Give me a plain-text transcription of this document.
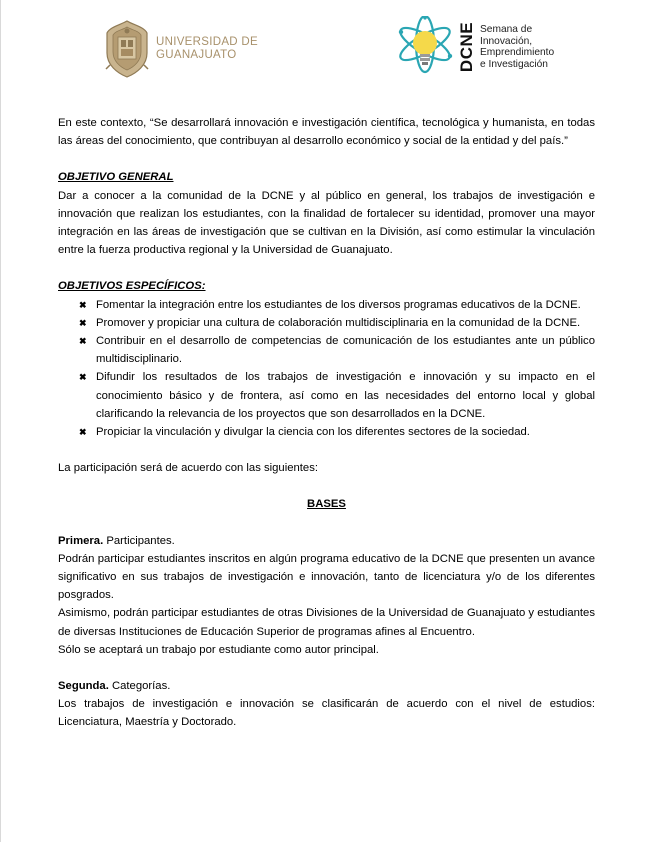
UNIVERSIDAD DE
GUANAJUATO	DCNE Semana de
Innovación,
Emprendimiento
e Investigación

En este contexto, “Se desarrollará innovación e investigación científica, tecnológica y humanista, en todas las áreas del conocimiento, que contribuyan al desarrollo económico y social de la entidad y del país.”

OBJETIVO GENERAL

Dar a conocer a la comunidad de la DCNE y al público en general, los trabajos de investigación e innovación que realizan los estudiantes, con la finalidad de fortalecer su identidad, promover una mayor integración en las áreas de investigación que se cultivan en la División, así como estimular la vinculación entre la fuerza productiva regional y la Universidad de Guanajuato.

OBJETIVOS ESPECÍFICOS:

✖ Fomentar la integración entre los estudiantes de los diversos programas educativos de la DCNE.
✖ Promover y propiciar una cultura de colaboración multidisciplinaria en la comunidad de la DCNE.
✖ Contribuir en el desarrollo de competencias de comunicación de los estudiantes ante un público multidisciplinario.
✖ Difundir los resultados de los trabajos de investigación e innovación y su impacto en el conocimiento básico y de frontera, así como en las necesidades del entorno local y global clarificando la relevancia de los proyectos que son desarrollados en la DCNE.
✖ Propiciar la vinculación y divulgar la ciencia con los diferentes sectores de la sociedad.

La participación será de acuerdo con las siguientes:

BASES

Primera. Participantes.

Podrán participar estudiantes inscritos en algún programa educativo de la DCNE que presenten un avance significativo en sus trabajos de investigación e innovación, tanto de licenciatura y/o de los diferentes posgrados.

Asimismo, podrán participar estudiantes de otras Divisiones de la Universidad de Guanajuato y estudiantes de diversas Instituciones de Educación Superior de programas afines al Encuentro.

Sólo se aceptará un trabajo por estudiante como autor principal.

Segunda. Categorías.

Los trabajos de investigación e innovación se clasificarán de acuerdo con el nivel de estudios: Licenciatura, Maestría y Doctorado.
